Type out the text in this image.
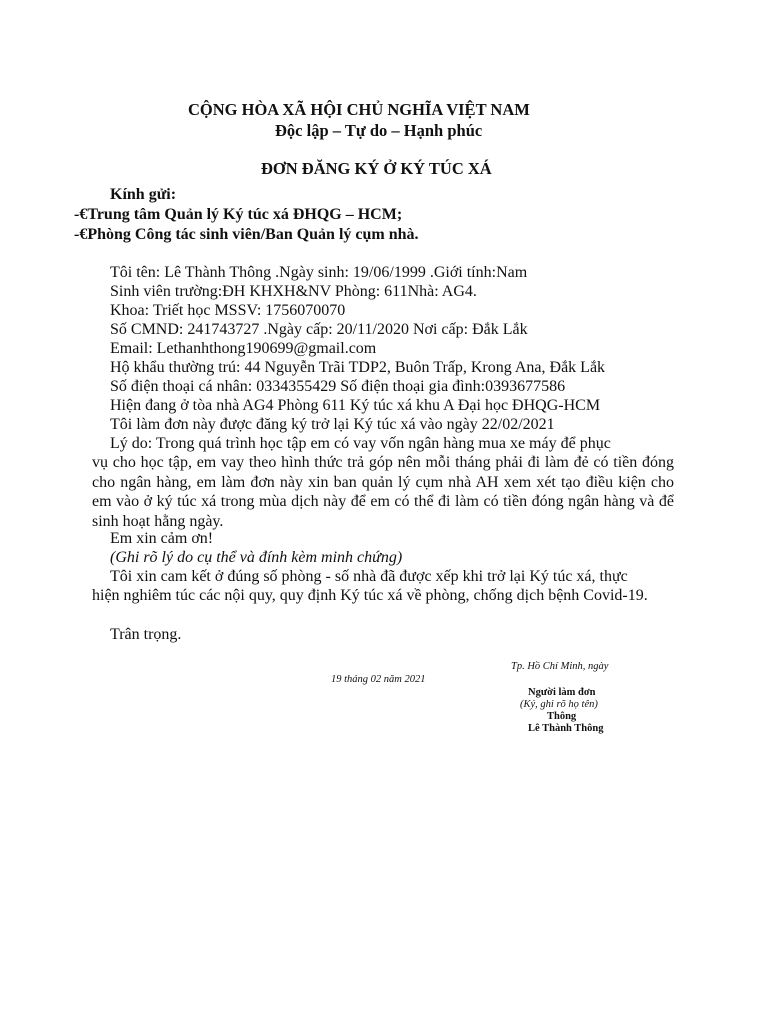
CỘNG HÒA XÃ HỘI CHỦ NGHĨA VIỆT NAM
Độc lập – Tự do – Hạnh phúc
ĐƠN ĐĂNG KÝ Ở KÝ TÚC XÁ
Kính gửi:
-€Trung tâm Quản lý Ký túc xá ĐHQG – HCM;
-€Phòng Công tác sinh viên/Ban Quản lý cụm nhà.
Tôi tên: Lê Thành Thông .Ngày sinh: 19/06/1999 .Giới tính:Nam
Sinh viên trường:ĐH KHXH&NV Phòng: 611Nhà: AG4.
Khoa: Triết học MSSV: 1756070070
Số CMND: 241743727 .Ngày cấp: 20/11/2020 Nơi cấp: Đắk Lắk
Email: Lethanhthong190699@gmail.com
Hộ khẩu thường trú: 44 Nguyễn Trãi TDP2, Buôn Trấp, Krong Ana, Đắk Lắk
Số điện thoại cá nhân: 0334355429 Số điện thoại gia đình:0393677586
Hiện đang ở tòa nhà AG4 Phòng 611 Ký túc xá khu A Đại học ĐHQG-HCM
Tôi làm đơn này được đăng ký trở lại Ký túc xá vào ngày 22/02/2021
Lý do: Trong quá trình học tập em có vay vốn ngân hàng mua xe máy để phục
vụ cho học tập, em vay theo hình thức trả góp nên mỗi tháng phải đi làm đẻ có tiền đóng cho ngân hàng, em làm đơn này xin ban quản lý cụm nhà AH xem xét tạo điều kiện cho em vào ở ký túc xá trong mùa dịch này để em có thể đi làm có tiền đóng ngân hàng và để sinh hoạt hằng ngày.
Em xin cảm ơn!
(Ghi rõ lý do cụ thể và đính kèm minh chứng)
Tôi xin cam kết ở đúng số phòng - số nhà đã được xếp khi trở lại Ký túc xá, thực
hiện nghiêm túc các nội quy, quy định Ký túc xá về phòng, chống dịch bệnh Covid-19.
Trân trọng.
Tp. Hồ Chí Minh, ngày
19 tháng 02 năm 2021
Người làm đơn
(Ký, ghi rõ họ tên)
Thông
Lê Thành Thông
